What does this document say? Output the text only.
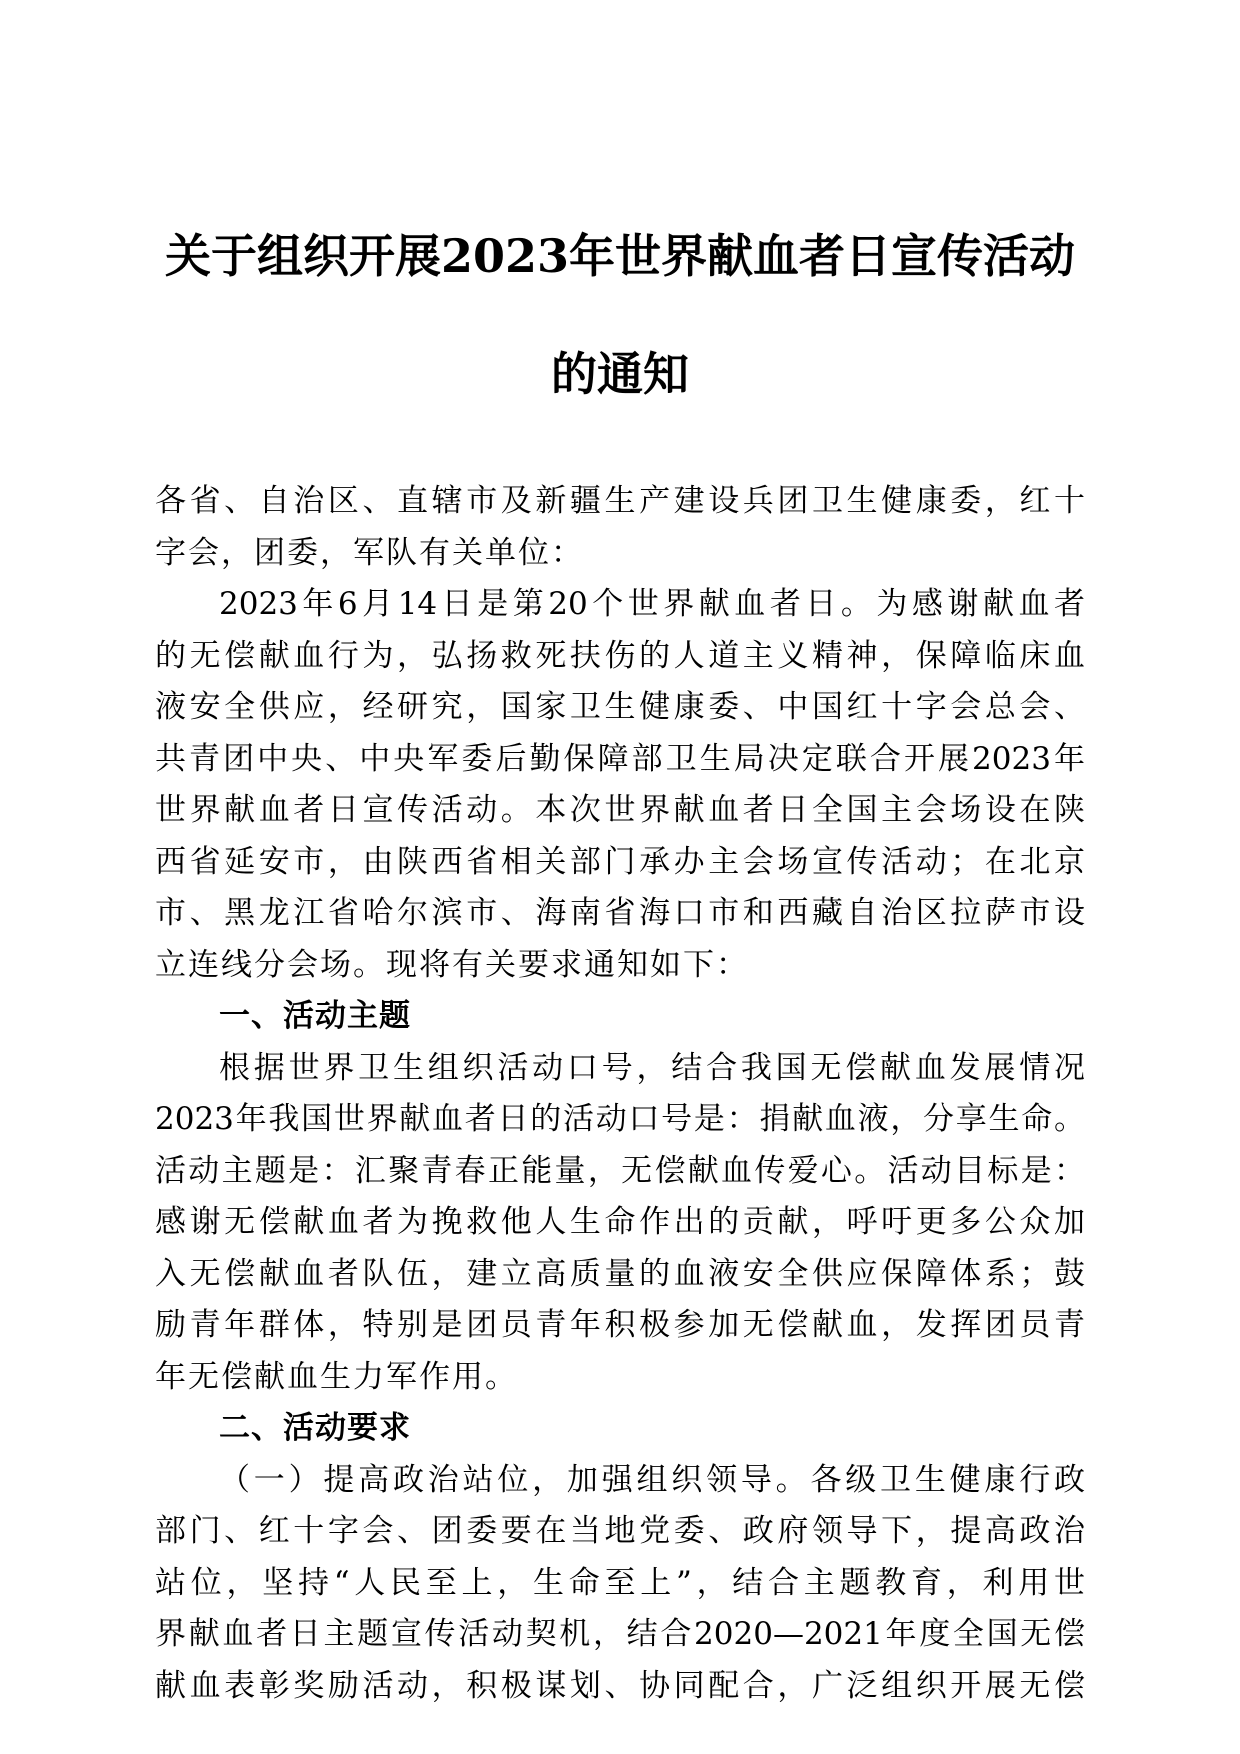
关于组织开展2023年世界献血者日宣传活动
的通知
各省、自治区、直辖市及新疆生产建设兵团卫生健康委，红十
字会，团委，军队有关单位：
2023年6月14日是第20个世界献血者日。为感谢献血者
的无偿献血行为，弘扬救死扶伤的人道主义精神，保障临床血
液安全供应，经研究，国家卫生健康委、中国红十字会总会、
共青团中央、中央军委后勤保障部卫生局决定联合开展2023年
世界献血者日宣传活动。本次世界献血者日全国主会场设在陕
西省延安市，由陕西省相关部门承办主会场宣传活动；在北京
市、黑龙江省哈尔滨市、海南省海口市和西藏自治区拉萨市设
立连线分会场。现将有关要求通知如下：
一、活动主题
根据世界卫生组织活动口号，结合我国无偿献血发展情况
2023年我国世界献血者日的活动口号是：捐献血液，分享生命。
活动主题是：汇聚青春正能量，无偿献血传爱心。活动目标是：
感谢无偿献血者为挽救他人生命作出的贡献，呼吁更多公众加
入无偿献血者队伍，建立高质量的血液安全供应保障体系；鼓
励青年群体，特别是团员青年积极参加无偿献血，发挥团员青
年无偿献血生力军作用。
二、活动要求
（一）提高政治站位，加强组织领导。各级卫生健康行政
部门、红十字会、团委要在当地党委、政府领导下，提高政治
站位，坚持“人民至上，生命至上”，结合主题教育，利用世
界献血者日主题宣传活动契机，结合2020—2021年度全国无偿
献血表彰奖励活动，积极谋划、协同配合，广泛组织开展无偿
